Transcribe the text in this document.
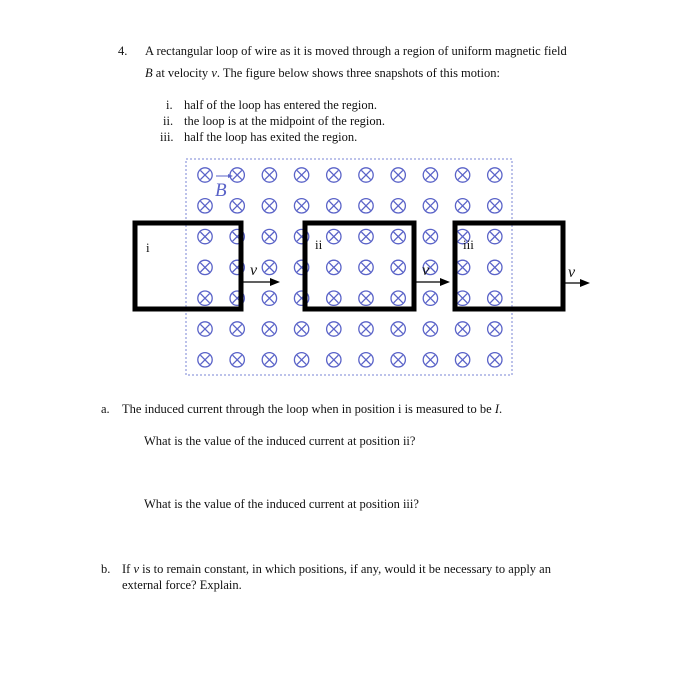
4. A rectangular loop of wire as it is moved through a region of uniform magnetic field
B at velocity v. The figure below shows three snapshots of this motion:
i. half of the loop has entered the region.
ii. the loop is at the midpoint of the region.
iii. half the loop has exited the region.
v
i
v
ii
v
iii
B
a. The induced current through the loop when in position i is measured to be I.
What is the value of the induced current at position ii?
What is the value of the induced current at position iii?
b. If v is to remain constant, in which positions, if any, would it be necessary to apply an
external force? Explain.
